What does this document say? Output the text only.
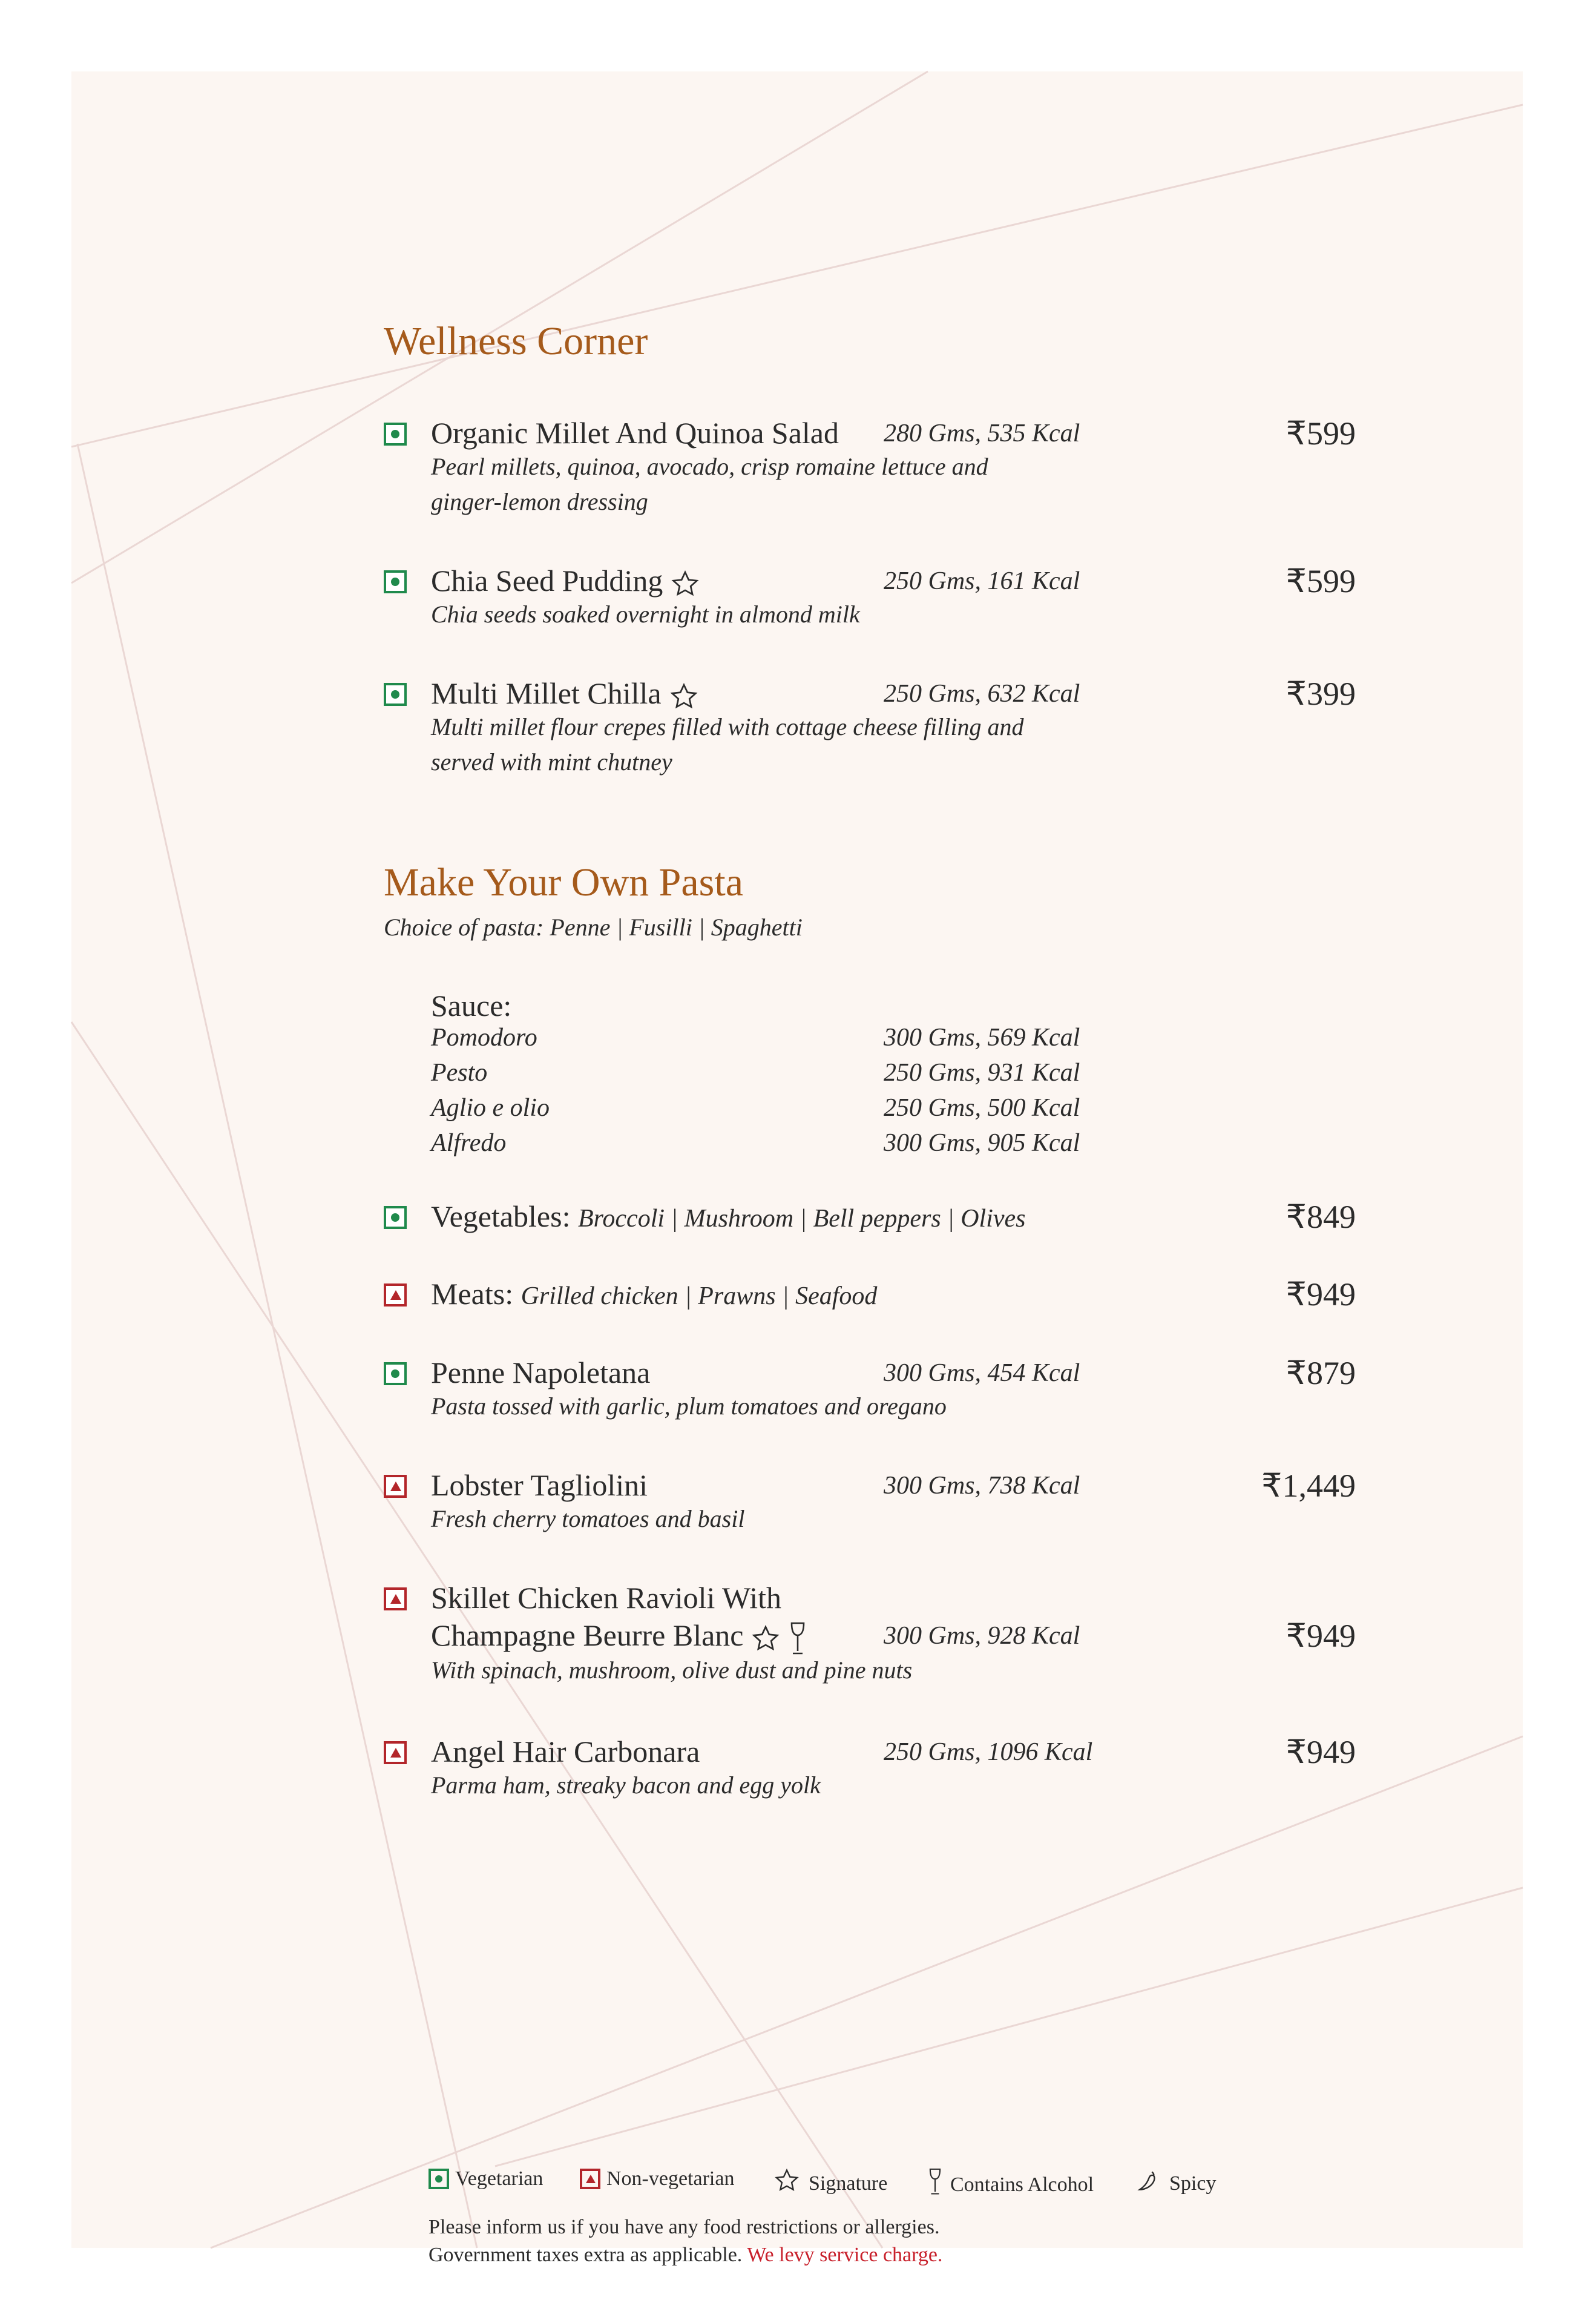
Wellness Corner
Organic Millet And Quinoa Salad 280 Gms, 535 Kcal	₹599
Pearl millets, quinoa, avocado, crisp romaine lettuce and
ginger-lemon dressing
Chia Seed Pudding	250 Gms, 161 Kcal	₹599
Chia seeds soaked overnight in almond milk
Multi Millet Chilla	250 Gms, 632 Kcal	₹399
Multi millet flour crepes filled with cottage cheese filling and
served with mint chutney
Make Your Own Pasta
Choice of pasta: Penne | Fusilli | Spaghetti
Sauce:
Pomodoro	300 Gms, 569 Kcal
Pesto	250 Gms, 931 Kcal
Aglio e olio	250 Gms, 500 Kcal
Alfredo	300 Gms, 905 Kcal
Vegetables: Broccoli | Mushroom | Bell peppers | Olives	₹849
Meats: Grilled chicken | Prawns | Seafood	₹949
Penne Napoletana	300 Gms, 454 Kcal	₹879
Pasta tossed with garlic, plum tomatoes and oregano
Lobster Tagliolini	300 Gms, 738 Kcal	₹1,449
Fresh cherry tomatoes and basil
Skillet Chicken Ravioli With
Champagne Beurre Blanc	300 Gms, 928 Kcal	₹949
With spinach, mushroom, olive dust and pine nuts
Angel Hair Carbonara	250 Gms, 1096 Kcal	₹949
Parma ham, streaky bacon and egg yolk
Vegetarian	Non-vegetarian	Signature	Contains Alcohol	Spicy
Please inform us if you have any food restrictions or allergies.
Government taxes extra as applicable. We levy service charge.
